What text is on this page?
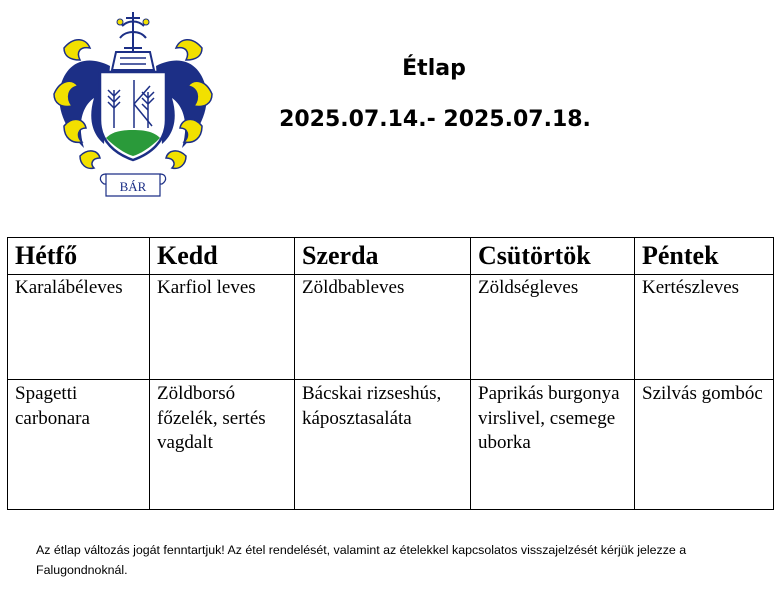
BÁR
Étlap
2025.07.14.- 2025.07.18.
Hétfő	Kedd	Szerda	Csütörtök	Péntek
Karalábéleves	Karfiol leves	Zöldbableves	Zöldségleves	Kertészleves
Spagetti carbonara	Zöldborsó főzelék, sertés vagdalt	Bácskai rizseshús, káposztasaláta	Paprikás burgonya virslivel, csemege uborka	Szilvás gombóc
Az étlap változás jogát fenntartjuk! Az étel rendelését, valamint az ételekkel kapcsolatos visszajelzését kérjük jelezze a Falugondnoknál.
